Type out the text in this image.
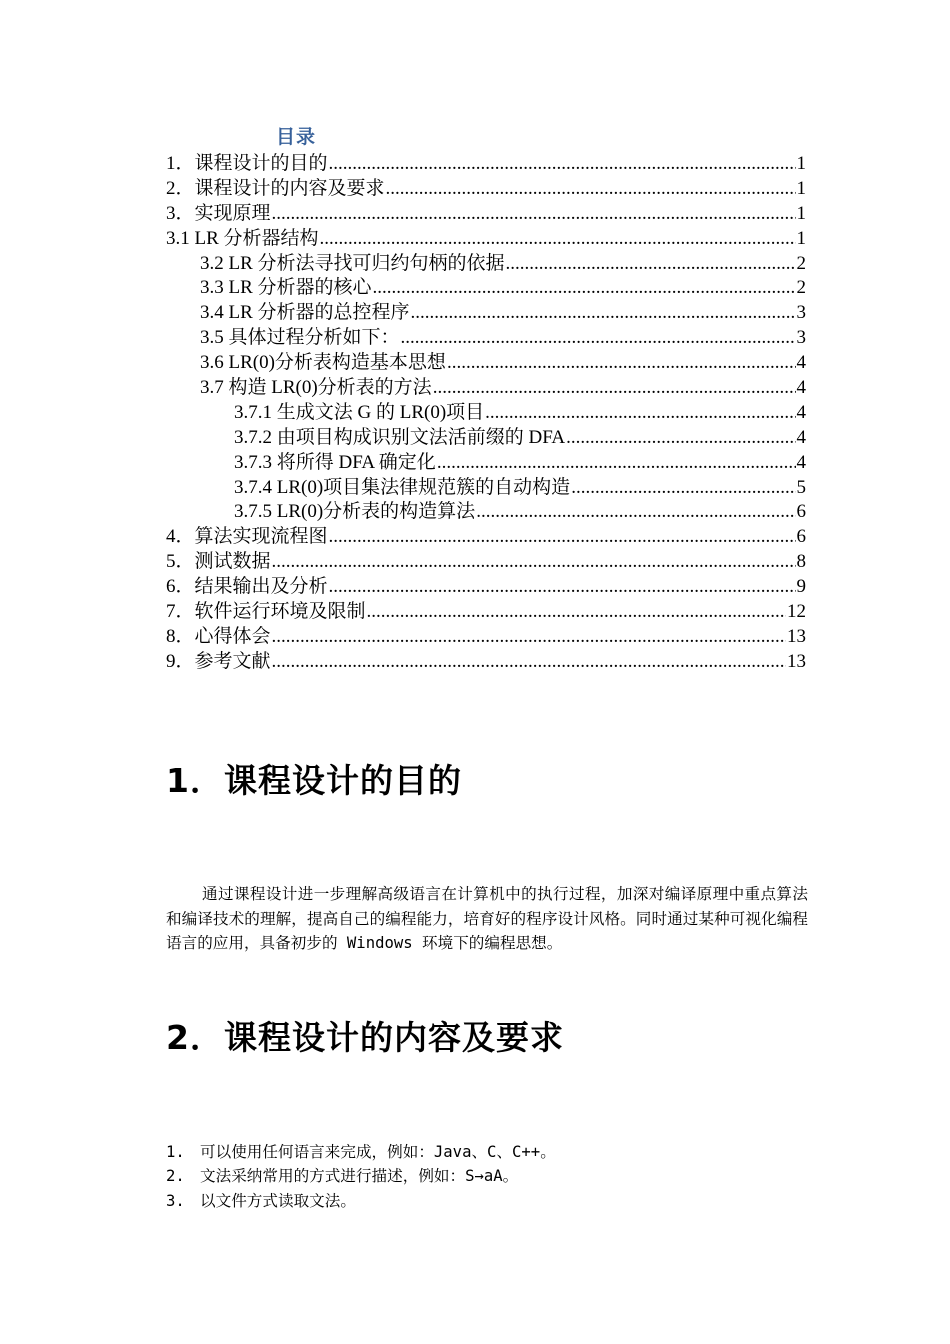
目录
1．课程设计的目的 .....	1
2．课程设计的内容及要求 .....	1
3．实现原理 .....	1
3.1 LR 分析器结构 .....	1
3.2 LR 分析法寻找可归约句柄的依据 .....	2
3.3 LR 分析器的核心 .....	2
3.4 LR 分析器的总控程序 .....	3
3.5 具体过程分析如下： .....	3
3.6 LR(0)分析表构造基本思想 .....	4
3.7 构造 LR(0)分析表的方法 .....	4
3.7.1 生成文法 G 的 LR(0)项目 .....	4
3.7.2 由项目构成识别文法活前缀的 DFA .....	4
3.7.3 将所得 DFA 确定化 .....	4
3.7.4 LR(0)项目集法律规范簇的自动构造 .....	5
3.7.5 LR(0)分析表的构造算法 .....	6
4．算法实现流程图 .....	6
5．测试数据 .....	8
6．结果输出及分析 .....	9
7．软件运行环境及限制 .....	12
8．心得体会 .....	13
9．参考文献 .....	13
1．课程设计的目的
通过课程设计进一步理解高级语言在计算机中的执行过程，加深对编译原理中重点算法和编译技术的理解，提高自己的编程能力，培育好的程序设计风格。同时通过某种可视化编程语言的应用，具备初步的 Windows 环境下的编程思想。
2．课程设计的内容及要求
1. 可以使用任何语言来完成，例如：Java、C、C++。
2. 文法采纳常用的方式进行描述，例如：S→aA。
3. 以文件方式读取文法。
